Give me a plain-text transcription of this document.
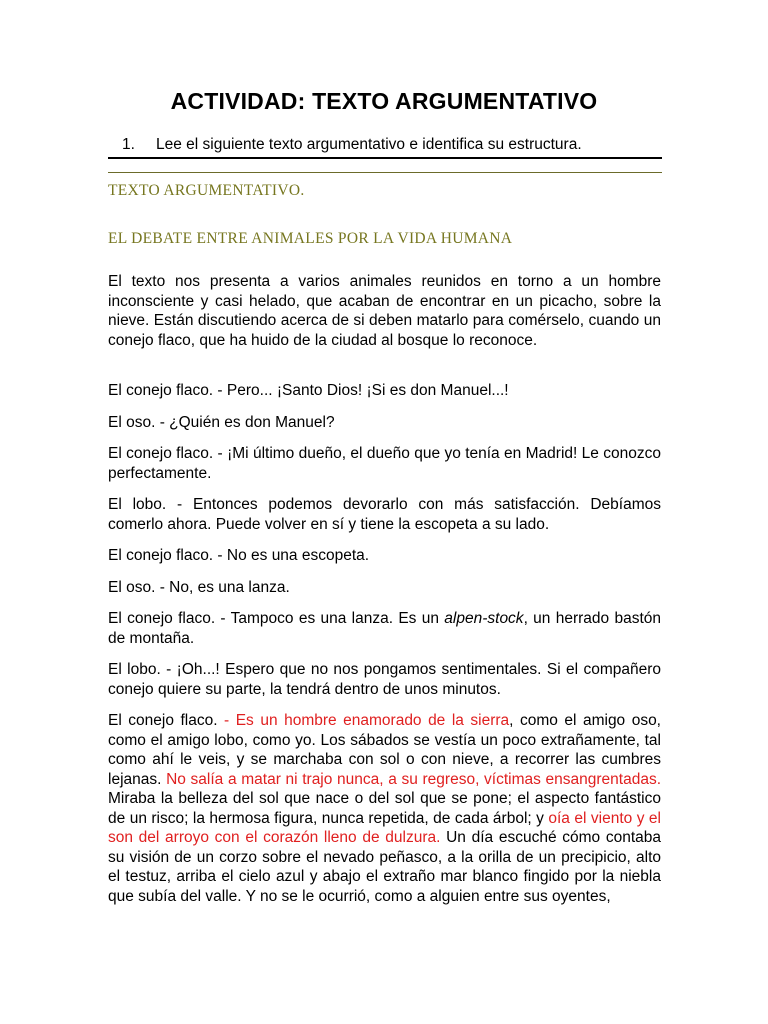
ACTIVIDAD: TEXTO ARGUMENTATIVO
1. Lee el siguiente texto argumentativo e identifica su estructura.
TEXTO ARGUMENTATIVO.
EL DEBATE ENTRE ANIMALES POR LA VIDA HUMANA

El texto nos presenta a varios animales reunidos en torno a un hombre inconsciente y casi helado, que acaban de encontrar en un picacho, sobre la nieve. Están discutiendo acerca de si deben matarlo para comérselo, cuando un conejo flaco, que ha huido de la ciudad al bosque lo reconoce.

El conejo flaco. - Pero... ¡Santo Dios! ¡Si es don Manuel...!

El oso. - ¿Quién es don Manuel?

El conejo flaco. - ¡Mi último dueño, el dueño que yo tenía en Madrid! Le conozco perfectamente.

El lobo. - Entonces podemos devorarlo con más satisfacción. Debíamos comerlo ahora. Puede volver en sí y tiene la escopeta a su lado.

El conejo flaco. - No es una escopeta.

El oso. - No, es una lanza.

El conejo flaco. - Tampoco es una lanza. Es un alpen-stock, un herrado bastón de montaña.

El lobo. - ¡Oh...! Espero que no nos pongamos sentimentales. Si el compañero conejo quiere su parte, la tendrá dentro de unos minutos.

El conejo flaco. - Es un hombre enamorado de la sierra, como el amigo oso, como el amigo lobo, como yo. Los sábados se vestía un poco extrañamente, tal como ahí le veis, y se marchaba con sol o con nieve, a recorrer las cumbres lejanas. No salía a matar ni trajo nunca, a su regreso, víctimas ensangrentadas. Miraba la belleza del sol que nace o del sol que se pone; el aspecto fantástico de un risco; la hermosa figura, nunca repetida, de cada árbol; y oía el viento y el son del arroyo con el corazón lleno de dulzura. Un día escuché cómo contaba su visión de un corzo sobre el nevado peñasco, a la orilla de un precipicio, alto el testuz, arriba el cielo azul y abajo el extraño mar blanco fingido por la niebla que subía del valle. Y no se le ocurrió, como a alguien entre sus oyentes,
